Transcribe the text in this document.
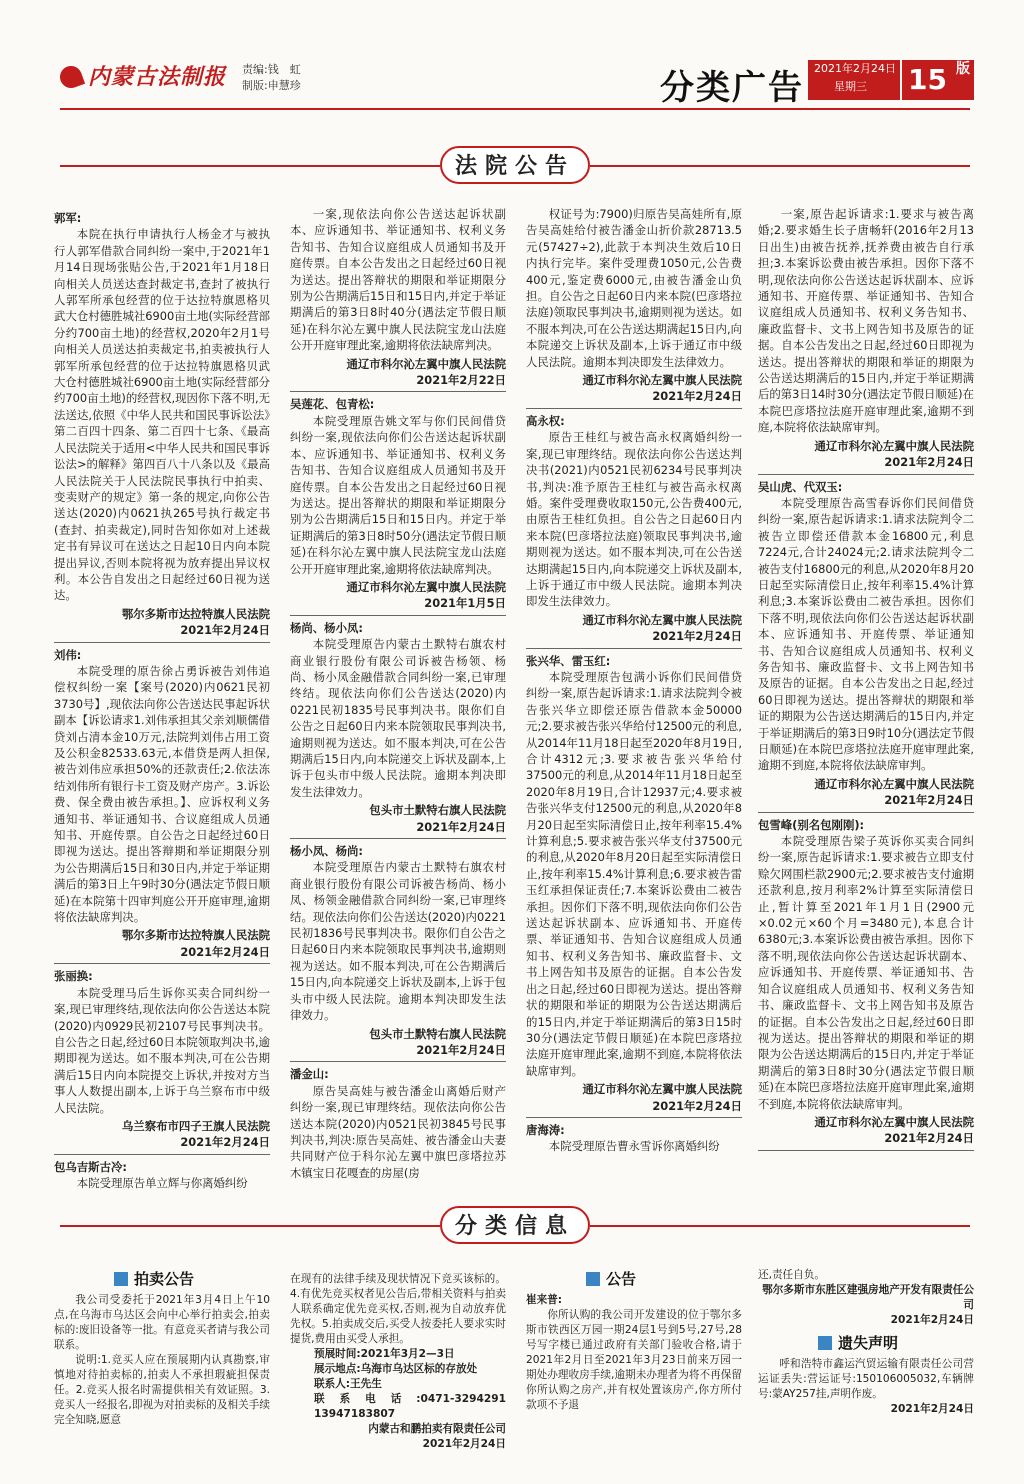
内蒙古法制报 责编:钱　虹
制版:申慧珍	分类广告 2021年2月24日
星期三	15 版
法院公告
郭军:
本院在执行申请执行人杨金才与被执行人郭军借款合同纠纷一案中,于2021年1月14日现场张贴公告,于2021年1月18日向相关人员送达查封裁定书,查封了被执行人郭军所承包经营的位于达拉特旗恩格贝武大仓村德胜城社6900亩土地(实际经营部分约700亩土地)的经营权,2020年2月1号向相关人员送达拍卖裁定书,拍卖被执行人郭军所承包经营的位于达拉特旗恩格贝武大仓村德胜城社6900亩土地(实际经营部分约700亩土地)的经营权,现因你下落不明,无法送达,依照《中华人民共和国民事诉讼法》第二百四十四条、第二百四十七条、《最高人民法院关于适用<中华人民共和国民事诉讼法>的解释》第四百八十八条以及《最高人民法院关于人民法院民事执行中拍卖、变卖财产的规定》第一条的规定,向你公告送达(2020)内0621执265号执行裁定书(查封、拍卖裁定),同时告知你如对上述裁定书有异议可在送达之日起10日内向本院提出异议,否则本院将视为放弃提出异议权利。本公告自发出之日起经过60日视为送达。
鄂尔多斯市达拉特旗人民法院
2021年2月24日
刘伟:
本院受理的原告徐占勇诉被告刘伟追偿权纠纷一案【案号(2020)内0621民初3730号】,现依法向你公告送达民事起诉状副本【诉讼请求1.刘伟承担其父亲刘顺儒借贷刘占清本金10万元,法院判刘伟占用工资及公积金82533.63元,本借贷是两人担保,被告刘伟应承担50%的还款责任;2.依法冻结刘伟所有银行卡工资及财产房产。3.诉讼费、保全费由被告承担。】、应诉权利义务通知书、举证通知书、合议庭组成人员通知书、开庭传票。自公告之日起经过60日即视为送达。提出答辩期和举证期限分别为公告期满后15日和30日内,并定于举证期满后的第3日上午9时30分(遇法定节假日顺延)在本院第十四审判庭公开开庭审理,逾期将依法缺席判决。
鄂尔多斯市达拉特旗人民法院
2021年2月24日
张丽换:
本院受理马后生诉你买卖合同纠纷一案,现已审理终结,现依法向你公告送达本院(2020)内0929民初2107号民事判决书。自公告之日起,经过60日本院领取判决书,逾期即视为送达。如不服本判决,可在公告期满后15日内向本院提交上诉状,并按对方当事人人数提出副本,上诉于乌兰察布市中级人民法院。
乌兰察布市四子王旗人民法院
2021年2月24日
包乌吉斯古冷:
本院受理原告单立辉与你离婚纠纷
一案,现依法向你公告送达起诉状副本、应诉通知书、举证通知书、权利义务告知书、告知合议庭组成人员通知书及开庭传票。自本公告发出之日起经过60日视为送达。提出答辩状的期限和举证期限分别为公告期满后15日和15日内,并定于举证期满后的第3日8时40分(遇法定节假日顺延)在科尔沁左翼中旗人民法院宝龙山法庭公开开庭审理此案,逾期将依法缺席判决。
通辽市科尔沁左翼中旗人民法院
2021年2月22日
吴莲花、包青松:
本院受理原告姚文军与你们民间借贷纠纷一案,现依法向你们公告送达起诉状副本、应诉通知书、举证通知书、权利义务告知书、告知合议庭组成人员通知书及开庭传票。自本公告发出之日起经过60日视为送达。提出答辩状的期限和举证期限分别为公告期满后15日和15日内。并定于举证期满后的第3日8时50分(遇法定节假日顺延)在科尔沁左翼中旗人民法院宝龙山法庭公开开庭审理此案,逾期将依法缺席判决。
通辽市科尔沁左翼中旗人民法院
2021年1月5日
杨尚、杨小凤:
本院受理原告内蒙古土默特右旗农村商业银行股份有限公司诉被告杨领、杨尚、杨小凤金融借款合同纠纷一案,已审理终结。现依法向你们公告送达(2020)内0221民初1835号民事判决书。限你们自公告之日起60日内来本院领取民事判决书,逾期则视为送达。如不服本判决,可在公告期满后15日内,向本院递交上诉状及副本,上诉于包头市中级人民法院。逾期本判决即发生法律效力。
包头市土默特右旗人民法院
2021年2月24日
杨小凤、杨尚:
本院受理原告内蒙古土默特右旗农村商业银行股份有限公司诉被告杨尚、杨小凤、杨领金融借款合同纠纷一案,已审理终结。现依法向你们公告送达(2020)内0221民初1836号民事判决书。限你们自公告之日起60日内来本院领取民事判决书,逾期则视为送达。如不服本判决,可在公告期满后15日内,向本院递交上诉状及副本,上诉于包头市中级人民法院。逾期本判决即发生法律效力。
包头市土默特右旗人民法院
2021年2月24日
潘金山:
原告吴高娃与被告潘金山离婚后财产纠纷一案,现已审理终结。现依法向你公告送达本院(2020)内0521民初3845号民事判决书,判决:原告吴高娃、被告潘金山夫妻共同财产位于科尔沁左翼中旗巴彦塔拉苏木镇宝日花嘎查的房屋(房
权证号为:7900)归原告吴高娃所有,原告吴高娃给付被告潘金山折价款28713.5元(57427÷2),此款于本判决生效后10日内执行完毕。案件受理费1050元,公告费400元,鉴定费6000元,由被告潘金山负担。自公告之日起60日内来本院(巴彦塔拉法庭)领取民事判决书,逾期则视为送达。如不服本判决,可在公告送达期满起15日内,向本院递交上诉状及副本,上诉于通辽市中级人民法院。逾期本判决即发生法律效力。
通辽市科尔沁左翼中旗人民法院
2021年2月24日
高永权:
原告王桂红与被告高永权离婚纠纷一案,现已审理终结。现依法向你公告送达判决书(2021)内0521民初6234号民事判决书,判决:准予原告王桂红与被告高永权离婚。案件受理费收取150元,公告费400元,由原告王桂红负担。自公告之日起60日内来本院(巴彦塔拉法庭)领取民事判决书,逾期则视为送达。如不服本判决,可在公告送达期满起15日内,向本院递交上诉状及副本,上诉于通辽市中级人民法院。逾期本判决即发生法律效力。
通辽市科尔沁左翼中旗人民法院
2021年2月24日
张兴华、雷玉红:
本院受理原告包满小诉你们民间借贷纠纷一案,原告起诉请求:1.请求法院判令被告张兴华立即偿还原告借款本金50000元;2.要求被告张兴华给付12500元的利息,从2014年11月18日起至2020年8月19日,合计4312元;3.要求被告张兴华给付37500元的利息,从2014年11月18日起至2020年8月19日,合计12937元;4.要求被告张兴华支付12500元的利息,从2020年8月20日起至实际清偿日止,按年利率15.4%计算利息;5.要求被告张兴华支付37500元的利息,从2020年8月20日起至实际清偿日止,按年利率15.4%计算利息;6.要求被告雷玉红承担保证责任;7.本案诉讼费由二被告承担。因你们下落不明,现依法向你们公告送达起诉状副本、应诉通知书、开庭传票、举证通知书、告知合议庭组成人员通知书、权利义务告知书、廉政监督卡、文书上网告知书及原告的证据。自本公告发出之日起,经过60日即视为送达。提出答辩状的期限和举证的期限为公告送达期满后的15日内,并定于举证期满后的第3日15时30分(遇法定节假日顺延)在本院巴彦塔拉法庭开庭审理此案,逾期不到庭,本院将依法缺席审判。
通辽市科尔沁左翼中旗人民法院
2021年2月24日
唐海涛:
本院受理原告曹永雪诉你离婚纠纷
一案,原告起诉请求:1.要求与被告离婚;2.要求婚生长子唐畅轩(2016年2月13日出生)由被告抚养,抚养费由被告自行承担;3.本案诉讼费由被告承担。因你下落不明,现依法向你公告送达起诉状副本、应诉通知书、开庭传票、举证通知书、告知合议庭组成人员通知书、权利义务告知书、廉政监督卡、文书上网告知书及原告的证据。自本公告发出之日起,经过60日即视为送达。提出答辩状的期限和举证的期限为公告送达期满后的15日内,并定于举证期满后的第3日14时30分(遇法定节假日顺延)在本院巴彦塔拉法庭开庭审理此案,逾期不到庭,本院将依法缺席审判。
通辽市科尔沁左翼中旗人民法院
2021年2月24日
吴山虎、代双玉:
本院受理原告高雪春诉你们民间借贷纠纷一案,原告起诉请求:1.请求法院判令二被告立即偿还借款本金16800元,利息7224元,合计24024元;2.请求法院判令二被告支付16800元的利息,从2020年8月20日起至实际清偿日止,按年利率15.4%计算利息;3.本案诉讼费由二被告承担。因你们下落不明,现依法向你们公告送达起诉状副本、应诉通知书、开庭传票、举证通知书、告知合议庭组成人员通知书、权利义务告知书、廉政监督卡、文书上网告知书及原告的证据。自本公告发出之日起,经过60日即视为送达。提出答辩状的期限和举证的期限为公告送达期满后的15日内,并定于举证期满后的第3日9时10分(遇法定节假日顺延)在本院巴彦塔拉法庭开庭审理此案,逾期不到庭,本院将依法缺席审判。
通辽市科尔沁左翼中旗人民法院
2021年2月24日
包雪峰(别名包刚刚):
本院受理原告梁子英诉你买卖合同纠纷一案,原告起诉请求:1.要求被告立即支付赊欠网围栏款2900元;2.要求被告支付逾期还款利息,按月利率2%计算至实际清偿日止,暂计算至2021年1月1日(2900元×0.02元×60个月=3480元),本息合计6380元;3.本案诉讼费由被告承担。因你下落不明,现依法向你公告送达起诉状副本、应诉通知书、开庭传票、举证通知书、告知合议庭组成人员通知书、权利义务告知书、廉政监督卡、文书上网告知书及原告的证据。自本公告发出之日起,经过60日即视为送达。提出答辩状的期限和举证的期限为公告送达期满后的15日内,并定于举证期满后的第3日8时30分(遇法定节假日顺延)在本院巴彦塔拉法庭开庭审理此案,逾期不到庭,本院将依法缺席审判。
通辽市科尔沁左翼中旗人民法院
2021年2月24日
分类信息
拍卖公告
我公司受委托于2021年3月4日上午10点,在乌海市乌达区会向中心举行拍卖会,拍卖标的:废旧设备等一批。有意竞买者请与我公司联系。
说明:1.竞买人应在预展期内认真勘察,审慎地对待拍卖标的,拍卖人不承担瑕疵担保责任。2.竞买人报名时需提供相关有效证照。3.竞买人一经报名,即视为对拍卖标的及相关手续完全知晓,愿意
在现有的法律手续及现状情况下竞买该标的。4.有优先竞买权者见公告后,带相关资料与拍卖人联系确定优先竞买权,否则,视为自动放弃优先权。5.拍卖成交后,买受人按委托人要求实时提货,费用由买受人承担。
预展时间:2021年3月2—3日
展示地点:乌海市乌达区标的存放处
联系人:王先生
联系电话:0471-3294291　13947183807
内蒙古和鹏拍卖有限责任公司
2021年2月24日
公告
崔来普:
你所认购的我公司开发建设的位于鄂尔多斯市铁西区万园一期24层1号到5号,27号,28号写字楼已通过政府有关部门验收合格,请于2021年2月日至2021年3月23日前来万园一期处办理收房手续,逾期未办理者为将不再保留你所认购之房产,并有权处置该房产,你方所付款项不予退
还,责任自负。
鄂尔多斯市东胜区建强房地产开发有限责任公司
2021年2月24日
遗失声明
呼和浩特市鑫运汽贸运输有限责任公司营运证丢失:营运证号:150106005032,车辆牌号:蒙AY257挂,声明作废。
2021年2月24日
